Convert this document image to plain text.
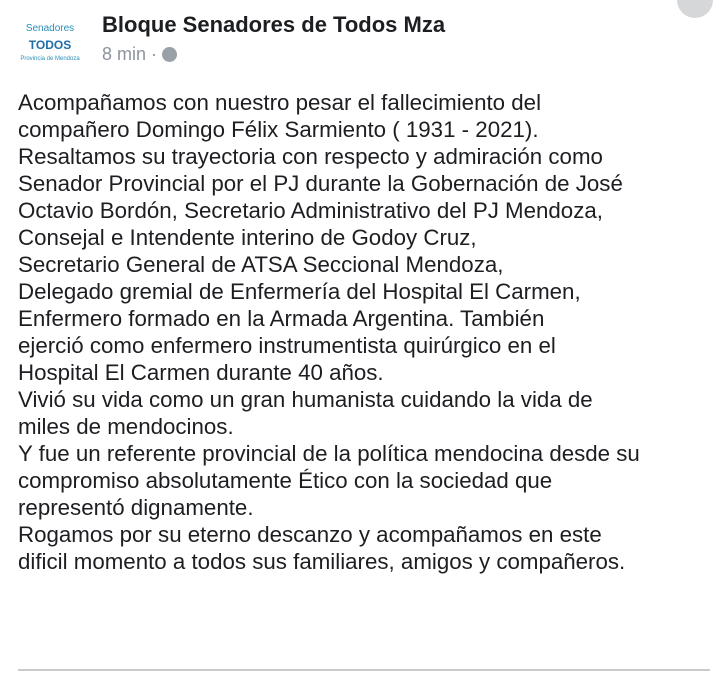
Senadores
TODOS
Provincia de Mendoza
Bloque Senadores de Todos Mza
8 min ·
Acompañamos con nuestro pesar el fallecimiento del
compañero Domingo Félix Sarmiento ( 1931 - 2021).
Resaltamos su trayectoria con respecto y admiración como
Senador Provincial por el PJ durante la Gobernación de José
Octavio Bordón, Secretario Administrativo del PJ Mendoza,
Consejal e Intendente interino de Godoy Cruz,
Secretario General de ATSA Seccional Mendoza,
Delegado gremial de Enfermería del Hospital El Carmen,
Enfermero formado en la Armada Argentina. También
ejerció como enfermero instrumentista quirúrgico en el
Hospital El Carmen durante 40 años.
Vivió su vida como un gran humanista cuidando la vida de
miles de mendocinos.
Y fue un referente provincial de la política mendocina desde su
compromiso absolutamente Ético con la sociedad que
representó dignamente.
Rogamos por su eterno descanzo y acompañamos en este
dificil momento a todos sus familiares, amigos y compañeros.
